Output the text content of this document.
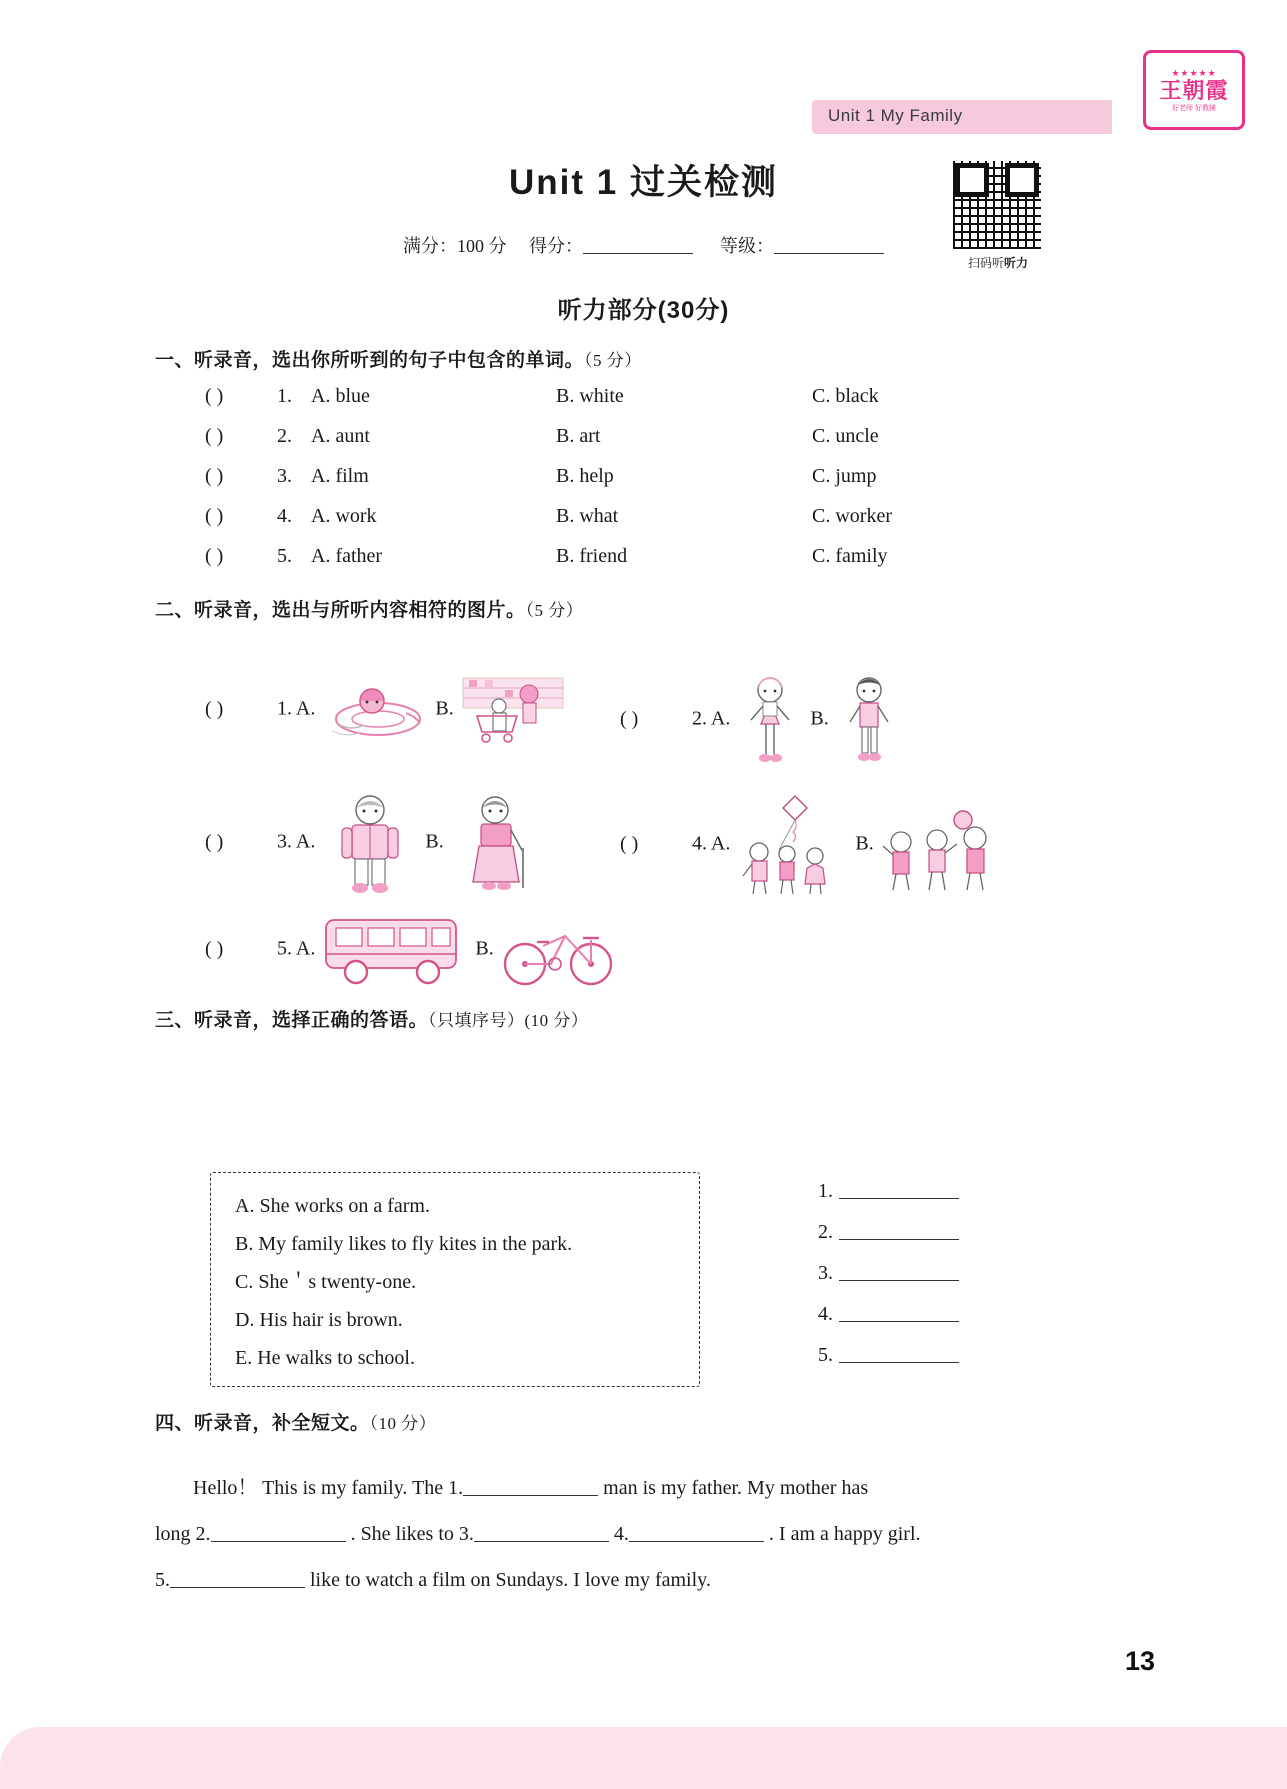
Unit 1 My Family
★★★★★
王朝霞
好老师 好教辅
Unit 1 过关检测
满分：100 分 得分：	等级：
扫码听听力
听力部分(30分)
一、听录音，选出你所听到的句子中包含的单词。（5 分）
( )	1. A. blue	B. white	C. black
( )	2. A. aunt	B. art	C. uncle
( )	3. A. film	B. help	C. jump
( )	4. A. work	B. what	C. worker
( )	5. A. father	B. friend	C. family
二、听录音，选出与所听内容相符的图片。（5 分）
( )	1. A.	B.	( )	2. A.	B.
( )	3. A.	B.	( )	4. A.	B.
( )	5. A.	B.
三、听录音，选择正确的答语。（只填序号）(10 分）
A. She works on a farm.
B. My family likes to fly kites in the park.
C. She＇s twenty-one.
D. His hair is brown.
E. He walks to school.
1.
2.
3.
4.
5.
四、听录音，补全短文。（10 分）

Hello！ This is my family. The 1.	man is my father. My mother has

long 2.	. She likes to 3.	4.	. I am a happy girl.

5.	like to watch a film on Sundays. I love my family.

13
